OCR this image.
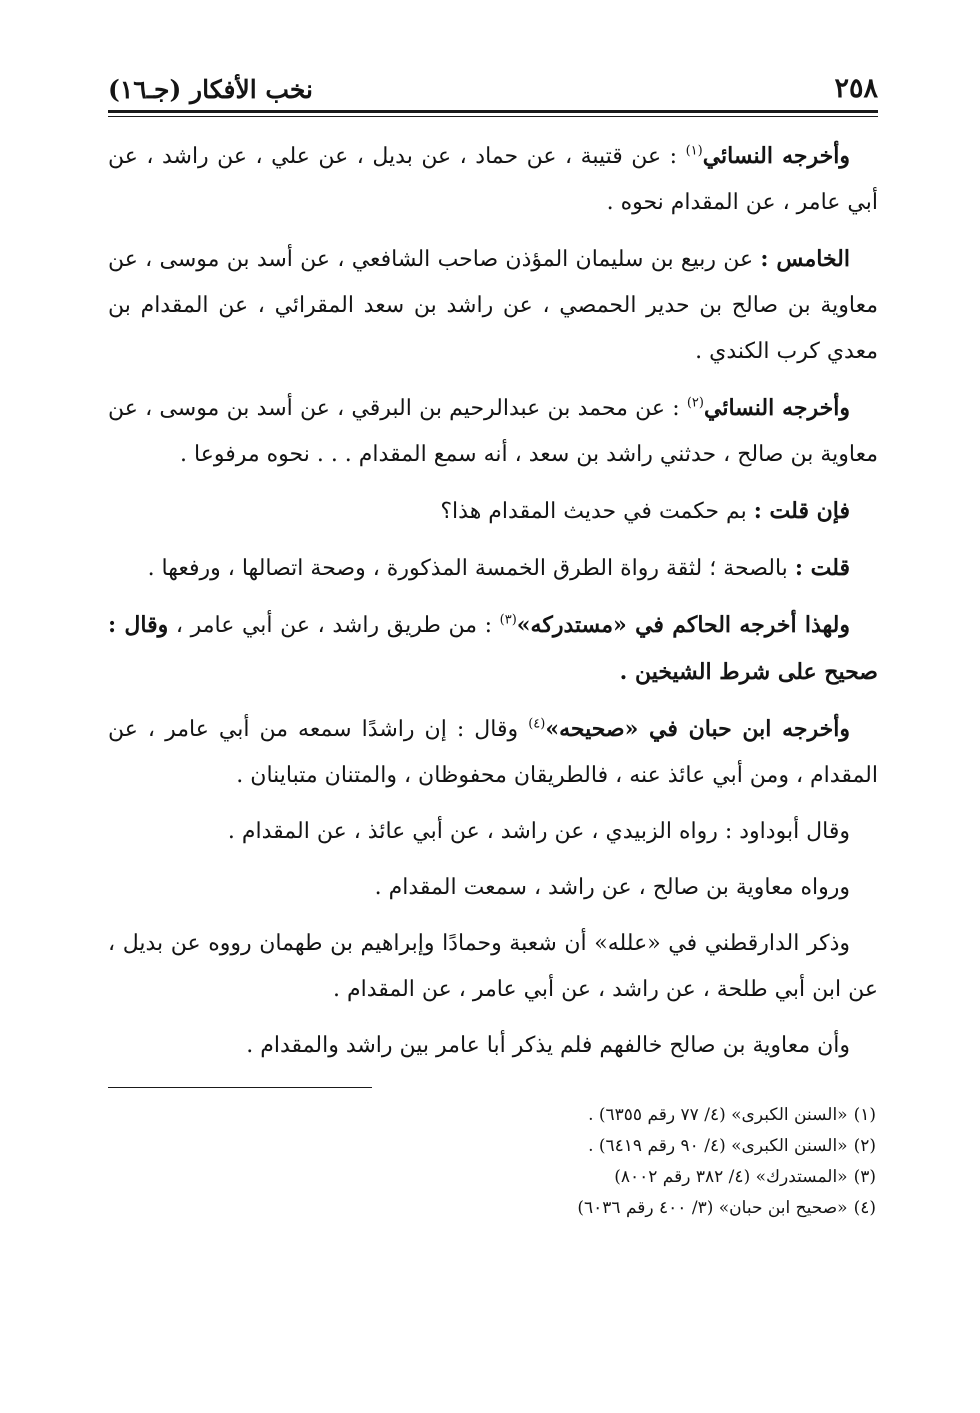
٢٥٨
نخب الأفكار (جـ١٦)

وأخرجه النسائي$^{(١)}$ : عن قتيبة ، عن حماد ، عن بديل ، عن علي ، عن راشد ، عن أبي عامر ، عن المقدام نحوه .

الخامس : عن ربيع بن سليمان المؤذن صاحب الشافعي ، عن أسد بن موسى ، عن معاوية بن صالح بن حدير الحمصي ، عن راشد بن سعد المقرائي ، عن المقدام بن معدي كرب الكندي .

وأخرجه النسائي$^{(٢)}$ : عن محمد بن عبدالرحيم بن البرقي ، عن أسد بن موسى ، عن معاوية بن صالح ، حدثني راشد بن سعد ، أنه سمع المقدام . . . نحوه مرفوعا .

فإن قلت : بم حكمت في حديث المقدام هذا؟

قلت : بالصحة ؛ لثقة رواة الطرق الخمسة المذكورة ، وصحة اتصالها ، ورفعها .

ولهذا أخرجه الحاكم في «مستدركه»$^{(٣)}$ : من طريق راشد ، عن أبي عامر ، وقال : صحيح على شرط الشيخين .

وأخرجه ابن حبان في «صحيحه»$^{(٤)}$ وقال : إن راشدًا سمعه من أبي عامر ، عن المقدام ، ومن أبي عائذ عنه ، فالطريقان محفوظان ، والمتنان متباينان .

وقال أبوداود : رواه الزبيدي ، عن راشد ، عن أبي عائذ ، عن المقدام .

ورواه معاوية بن صالح ، عن راشد ، سمعت المقدام .

وذكر الدارقطني في «علله» أن شعبة وحمادًا وإبراهيم بن طهمان رووه عن بديل ، عن ابن أبي طلحة ، عن راشد ، عن أبي عامر ، عن المقدام .

وأن معاوية بن صالح خالفهم فلم يذكر أبا عامر بين راشد والمقدام .

(١)«السنن الكبرى» (٤/ ٧٧ رقم ٦٣٥٥) .

(٢)«السنن الكبرى» (٤/ ٩٠ رقم ٦٤١٩) .

(٣)«المستدرك» (٤/ ٣٨٢ رقم ٨٠٠٢)

(٤)«صحيح ابن حبان» (٣/ ٤٠٠ رقم ٦٠٣٦)
